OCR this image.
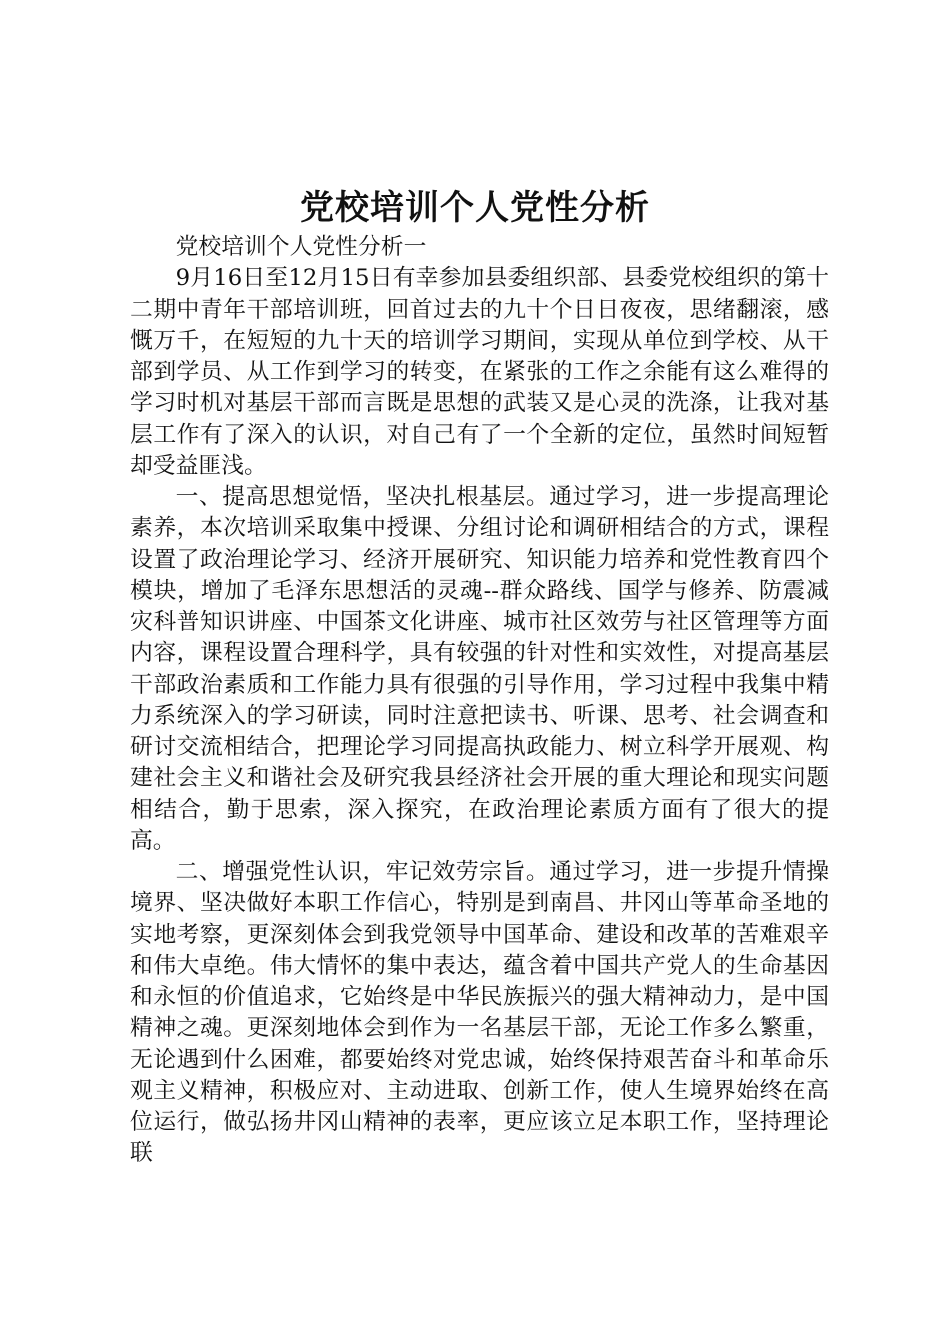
党校培训个人党性分析

党校培训个人党性分析一

9月16日至12月15日有幸参加县委组织部、县委党校组织的第十二期中青年干部培训班，回首过去的九十个日日夜夜，思绪翻滚，感慨万千，在短短的九十天的培训学习期间，实现从单位到学校、从干部到学员、从工作到学习的转变，在紧张的工作之余能有这么难得的学习时机对基层干部而言既是思想的武装又是心灵的洗涤，让我对基层工作有了深入的认识，对自己有了一个全新的定位，虽然时间短暂却受益匪浅。

一、提高思想觉悟，坚决扎根基层。通过学习，进一步提高理论素养，本次培训采取集中授课、分组讨论和调研相结合的方式，课程设置了政治理论学习、经济开展研究、知识能力培养和党性教育四个模块，增加了毛泽东思想活的灵魂--群众路线、国学与修养、防震减灾科普知识讲座、中国茶文化讲座、城市社区效劳与社区管理等方面内容，课程设置合理科学，具有较强的针对性和实效性，对提高基层干部政治素质和工作能力具有很强的引导作用，学习过程中我集中精力系统深入的学习研读，同时注意把读书、听课、思考、社会调查和研讨交流相结合，把理论学习同提高执政能力、树立科学开展观、构建社会主义和谐社会及研究我县经济社会开展的重大理论和现实问题相结合，勤于思索，深入探究，在政治理论素质方面有了很大的提高。

二、增强党性认识，牢记效劳宗旨。通过学习，进一步提升情操境界、坚决做好本职工作信心，特别是到南昌、井冈山等革命圣地的实地考察，更深刻体会到我党领导中国革命、建设和改革的苦难艰辛和伟大卓绝。伟大情怀的集中表达，蕴含着中国共产党人的生命基因和永恒的价值追求，它始终是中华民族振兴的强大精神动力，是中国精神之魂。更深刻地体会到作为一名基层干部，无论工作多么繁重，无论遇到什么困难，都要始终对党忠诚，始终保持艰苦奋斗和革命乐观主义精神，积极应对、主动进取、创新工作，使人生境界始终在高位运行，做弘扬井冈山精神的表率，更应该立足本职工作，坚持理论联
